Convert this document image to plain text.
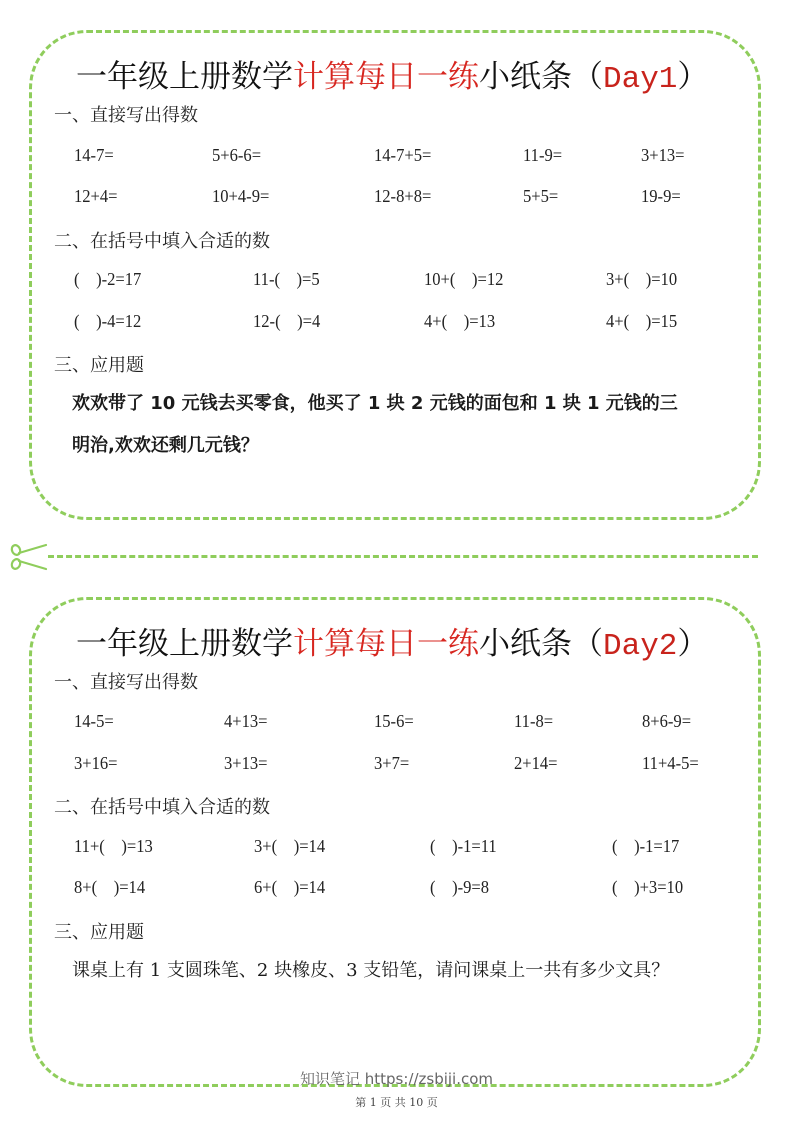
一年级上册数学计算每日一练小纸条（Day1）
一、直接写出得数
14-7=	5+6-6=	14-7+5=	11-9=	3+13=
12+4=	10+4-9=	12-8+8=	5+5=	19-9=
二、在括号中填入合适的数
(    )-2=17	11-(    )=5	10+(    )=12	3+(    )=10
(    )-4=12	12-(    )=4	4+(    )=13	4+(    )=15
三、应用题
欢欢带了 10 元钱去买零食，他买了 1 块 2 元钱的面包和 1 块 1 元钱的三
明治,欢欢还剩几元钱？
一年级上册数学计算每日一练小纸条（Day2）
一、直接写出得数
14-5=	4+13=	15-6=	11-8=	8+6-9=
3+16=	3+13=	3+7=	2+14=	11+4-5=
二、在括号中填入合适的数
11+(    )=13	3+(    )=14	(    )-1=11	(    )-1=17
8+(    )=14	6+(    )=14	(    )-9=8	(    )+3=10
三、应用题
课桌上有 1 支圆珠笔、2 块橡皮、3 支铅笔，请问课桌上一共有多少文具？
知识笔记 https://zsbiji.com
第 1 页 共 10 页
